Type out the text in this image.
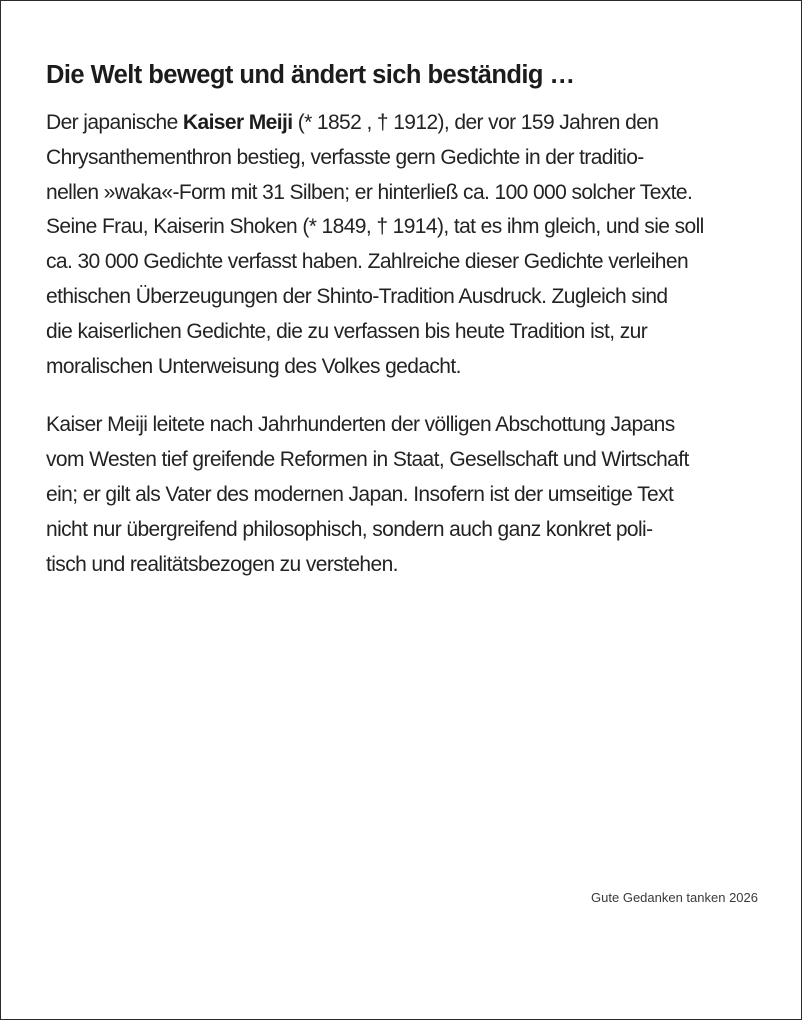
Die Welt bewegt und ändert sich beständig …

Der japanische Kaiser Meiji (* 1852 , † 1912), der vor 159 Jahren den
Chrysanthementhron bestieg, verfasste gern Gedichte in der traditio-
nellen »waka«-Form mit 31 Silben; er hinterließ ca. 100 000 solcher Texte.
Seine Frau, Kaiserin Shoken (* 1849, † 1914), tat es ihm gleich, und sie soll
ca. 30 000 Gedichte verfasst haben. Zahlreiche dieser Gedichte verleihen
ethischen Überzeugungen der Shinto-Tradition Ausdruck. Zugleich sind
die kaiserlichen Gedichte, die zu verfassen bis heute Tradition ist, zur
moralischen Unterweisung des Volkes gedacht.

Kaiser Meiji leitete nach Jahrhunderten der völligen Abschottung Japans
vom Westen tief greifende Reformen in Staat, Gesellschaft und Wirtschaft
ein; er gilt als Vater des modernen Japan. Insofern ist der umseitige Text
nicht nur übergreifend philosophisch, sondern auch ganz konkret poli-
tisch und realitätsbezogen zu verstehen.

Gute Gedanken tanken 2026
